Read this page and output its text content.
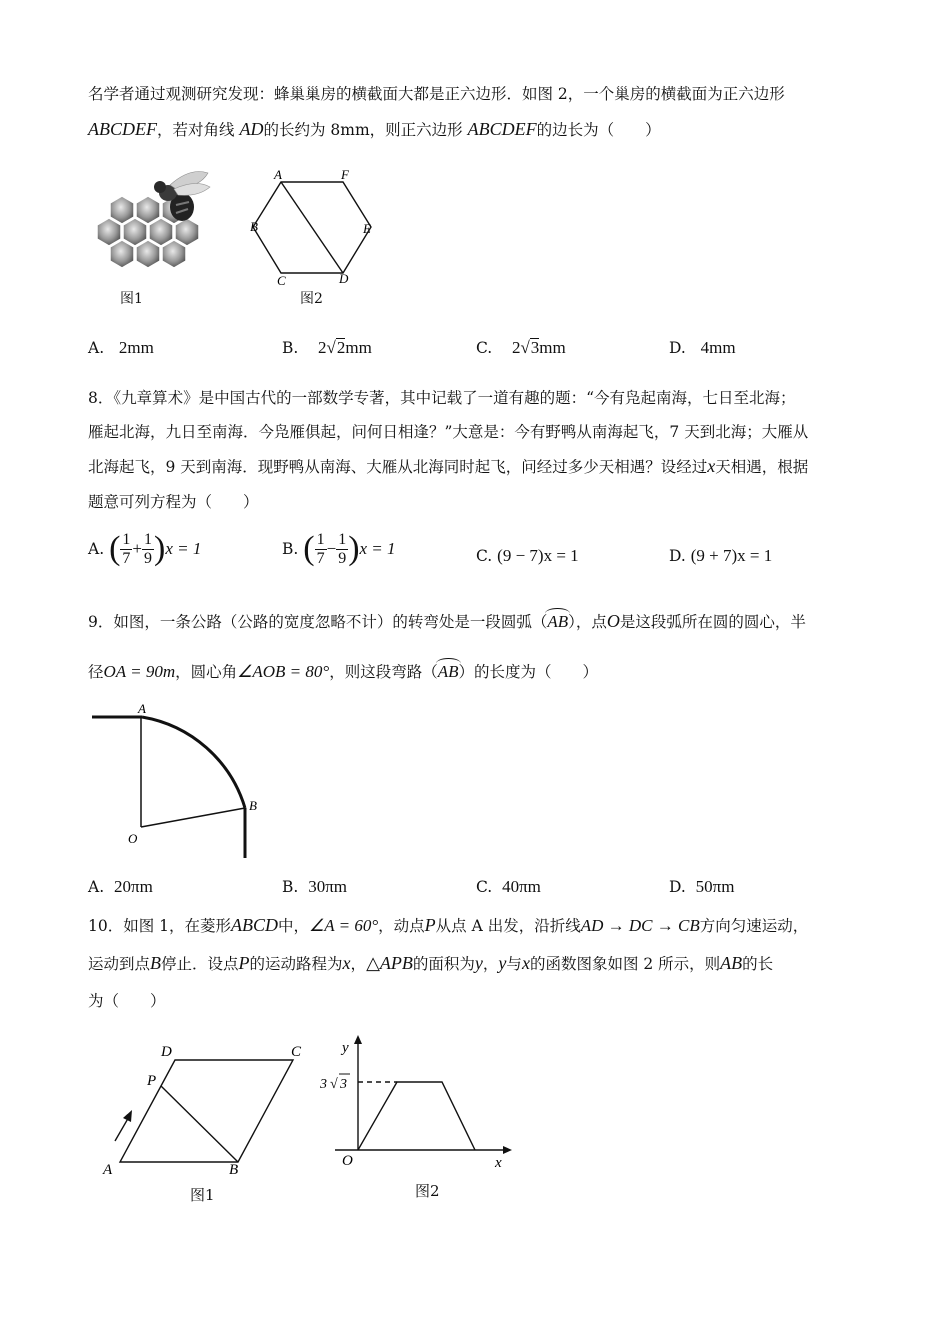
名学者通过观测研究发现：蜂巢巢房的横截面大都是正六边形．如图 2，一个巢房的横截面为正六边形
ABCDEF，若对角线 AD的长约为 8mm，则正六边形 ABCDEF的边长为（　　）
图1
A	F
B	E
C	D
图2
A. 2mm	B. 2√2mm	C. 2√3mm	D. 4mm
8．《九章算术》是中国古代的一部数学专著，其中记载了一道有趣的题：“今有凫起南海，七日至北海；
雁起北海，九日至南海．今凫雁俱起，问何日相逢？”大意是：今有野鸭从南海起飞，7 天到北海；大雁从
北海起飞，9 天到南海．现野鸭从南海、大雁从北海同时起飞，问经过多少天相遇？设经过x天相遇，根据
题意可列方程为（　　）
A. ( $\frac{1}{7} + \frac{1}{9} )x = 1$	B. ( $\frac{1}{7} - \frac{1}{9} )x = 1$	C. (9 − 7)x = 1	D. (9 + 7)x = 1
9．如图，一条公路（公路的宽度忽略不计）的转弯处是一段圆弧（AB），点O是这段弧所在圆的圆心，半
径OA = 90m，圆心角∠AOB = 80°，则这段弯路（AB）的长度为（　　）
A
B
O
A. 20πm	B. 30πm	C. 40πm	D. 50πm
10．如图 1，在菱形ABCD中，∠A = 60°，动点P从点 A 出发，沿折线AD → DC → CB方向匀速运动，
运动到点B停止．设点P的运动路程为x，△APB的面积为y，y与x的函数图象如图 2 所示，则AB的长
为（　　）
D	C
P
A	B
图1
y
x
O
3 √ 3
图2
